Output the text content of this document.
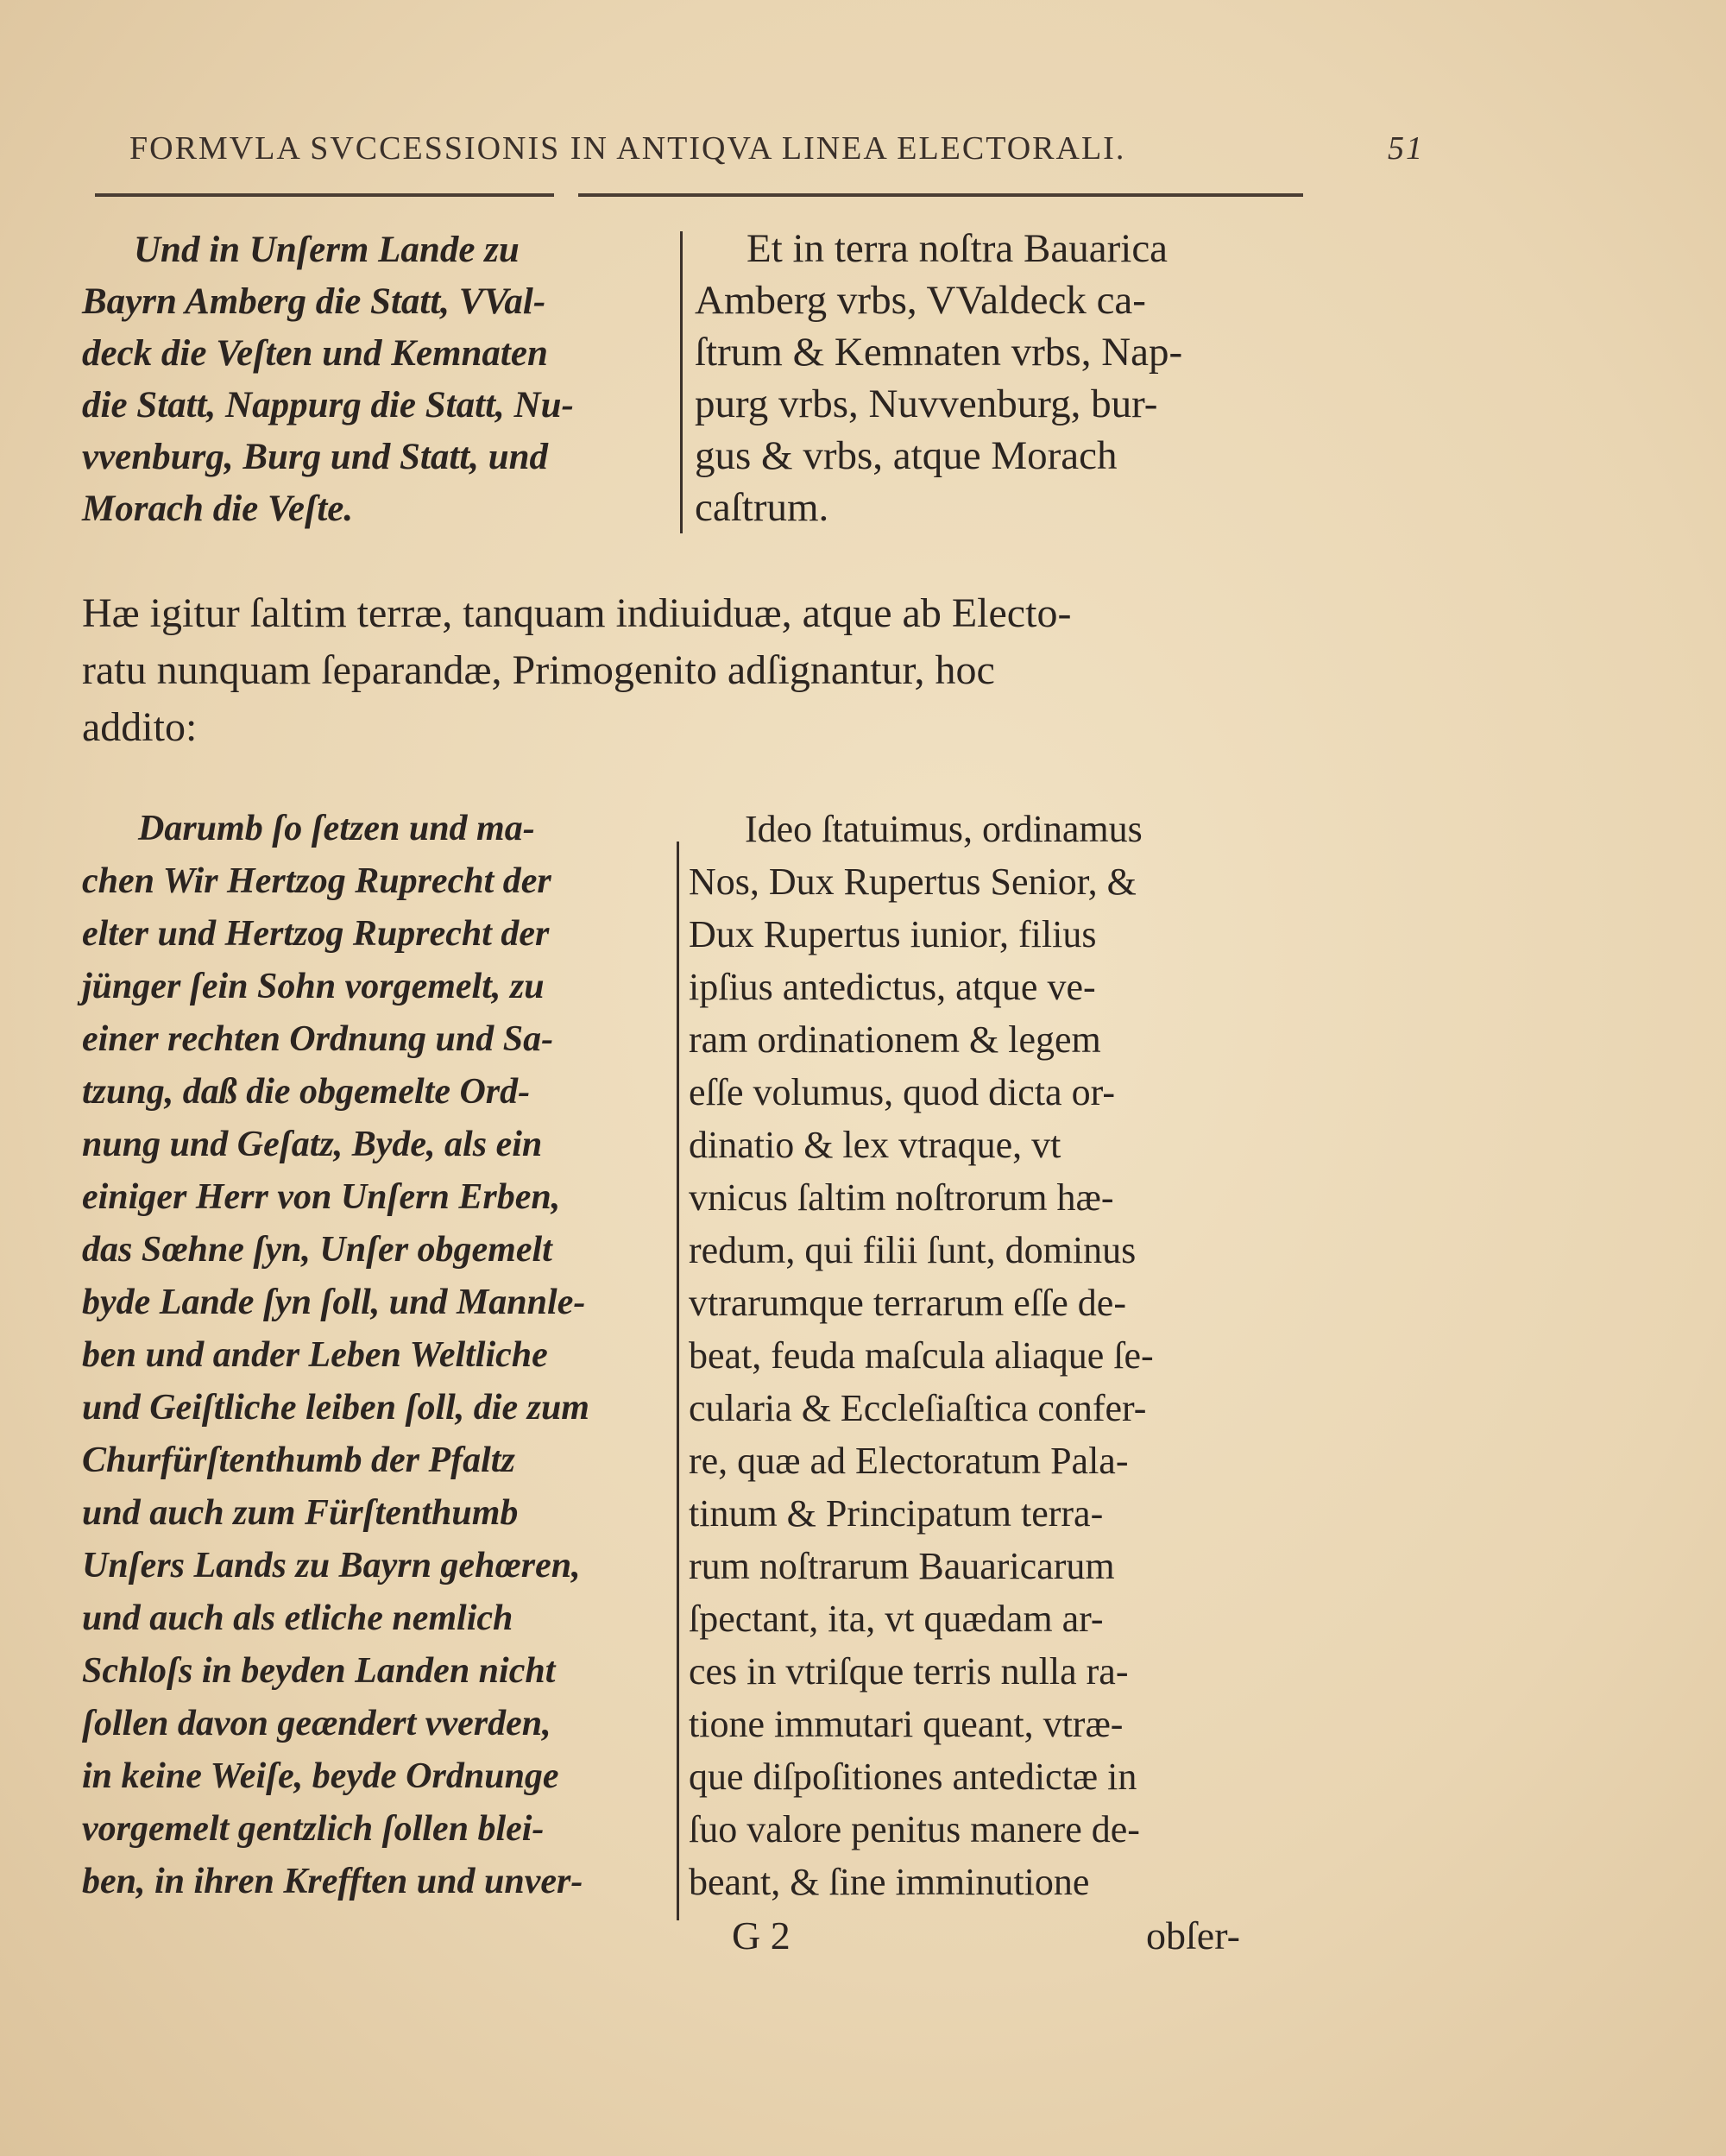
FORMVLA SVCCESSIONIS IN ANTIQVA LINEA ELECTORALI.	51
Und in Unſerm Lande zu
Bayrn Amberg die Statt, VVal-
deck die Veſten und Kemnaten
die Statt, Nappurg die Statt, Nu-
vvenburg, Burg und Statt, und
Morach die Veſte.
Et in terra noſtra Bauarica
Amberg vrbs, VValdeck ca-
ſtrum & Kemnaten vrbs, Nap-
purg vrbs, Nuvvenburg, bur-
gus & vrbs, atque Morach
caſtrum.
Hæ igitur ſaltim terræ, tanquam indiuiduæ, atque ab Electo-
ratu nunquam ſeparandæ, Primogenito adſignantur, hoc
addito:
Darumb ſo ſetzen und ma-
chen Wir Hertzog Ruprecht der
elter und Hertzog Ruprecht der
jünger ſein Sohn vorgemelt, zu
einer rechten Ordnung und Sa-
tzung, daß die obgemelte Ord-
nung und Geſatz, Byde, als ein
einiger Herr von Unſern Erben,
das Sœhne ſyn, Unſer obgemelt
byde Lande ſyn ſoll, und Mannle-
ben und ander Leben Weltliche
und Geiſtliche leiben ſoll, die zum
Churfürſtenthumb der Pfaltz
und auch zum Fürſtenthumb
Unſers Lands zu Bayrn gehœren,
und auch als etliche nemlich
Schloſs in beyden Landen nicht
ſollen davon geændert vverden,
in keine Weiſe, beyde Ordnunge
vorgemelt gentzlich ſollen blei-
ben, in ihren Krefften und unver-
Ideo ſtatuimus, ordinamus
Nos, Dux Rupertus Senior, &
Dux Rupertus iunior, filius
ipſius antedictus, atque ve-
ram ordinationem & legem
eſſe volumus, quod dicta or-
dinatio & lex vtraque, vt
vnicus ſaltim noſtrorum hæ-
redum, qui filii ſunt, dominus
vtrarumque terrarum eſſe de-
beat, feuda maſcula aliaque ſe-
cularia & Eccleſiaſtica confer-
re, quæ ad Electoratum Pala-
tinum & Principatum terra-
rum noſtrarum Bauaricarum
ſpectant, ita, vt quædam ar-
ces in vtriſque terris nulla ra-
tione immutari queant, vtræ-
que diſpoſitiones antedictæ in
ſuo valore penitus manere de-
beant, & ſine imminutione
G 2	obſer-
